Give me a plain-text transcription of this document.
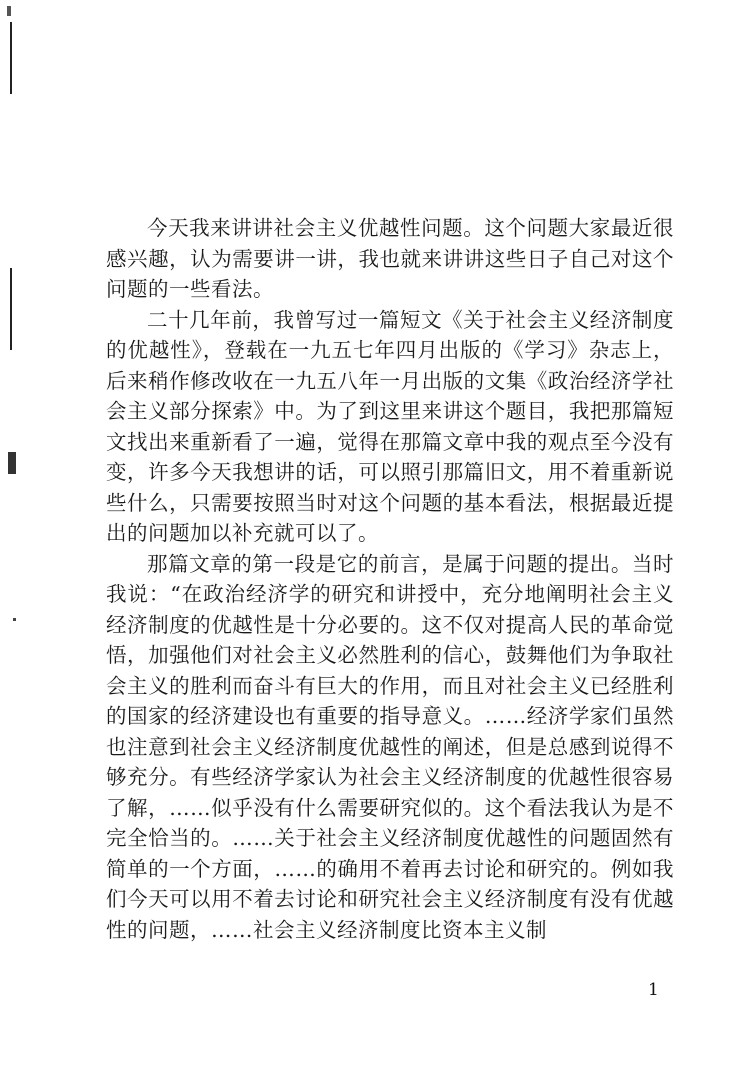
今天我来讲讲社会主义优越性问题。这个问题大家最近很感兴趣，认为需要讲一讲，我也就来讲讲这些日子自己对这个问题的一些看法。

二十几年前，我曾写过一篇短文《关于社会主义经济制度的优越性》，登载在一九五七年四月出版的《学习》杂志上，后来稍作修改收在一九五八年一月出版的文集《政治经济学社会主义部分探索》中。为了到这里来讲这个题目，我把那篇短文找出来重新看了一遍，觉得在那篇文章中我的观点至今没有变，许多今天我想讲的话，可以照引那篇旧文，用不着重新说些什么，只需要按照当时对这个问题的基本看法，根据最近提出的问题加以补充就可以了。

那篇文章的第一段是它的前言，是属于问题的提出。当时我说：“在政治经济学的研究和讲授中，充分地阐明社会主义经济制度的优越性是十分必要的。这不仅对提高人民的革命觉悟，加强他们对社会主义必然胜利的信心，鼓舞他们为争取社会主义的胜利而奋斗有巨大的作用，而且对社会主义已经胜利的国家的经济建设也有重要的指导意义。……经济学家们虽然也注意到社会主义经济制度优越性的阐述，但是总感到说得不够充分。有些经济学家认为社会主义经济制度的优越性很容易了解，……似乎没有什么需要研究似的。这个看法我认为是不完全恰当的。……关于社会主义经济制度优越性的问题固然有简单的一个方面，……的确用不着再去讨论和研究的。例如我们今天可以用不着去讨论和研究社会主义经济制度有没有优越性的问题，……社会主义经济制度比资本主义制

1
